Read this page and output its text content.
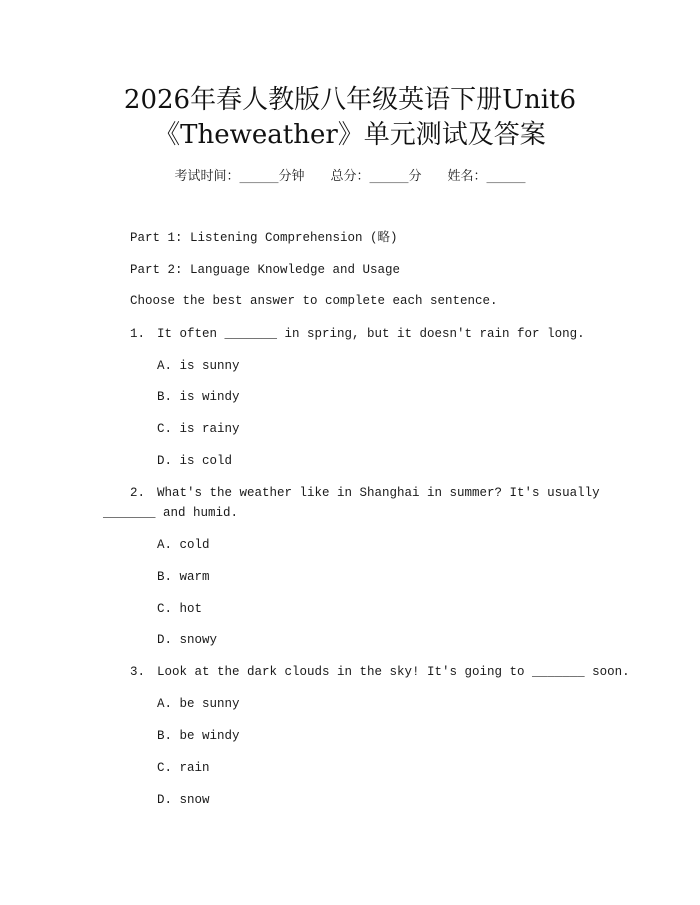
2026年春人教版八年级英语下册Unit6
《Theweather》单元测试及答案
考试时间：______分钟 总分：______分 姓名：______
Part 1: Listening Comprehension (略)
Part 2: Language Knowledge and Usage
Choose the best answer to complete each sentence.
1. It often _______ in spring, but it doesn't rain for long.
A. is sunny
B. is windy
C. is rainy
D. is cold
2. What's the weather like in Shanghai in summer? It's usually
_______ and humid.
A. cold
B. warm
C. hot
D. snowy
3. Look at the dark clouds in the sky! It's going to _______ soon.
A. be sunny
B. be windy
C. rain
D. snow
